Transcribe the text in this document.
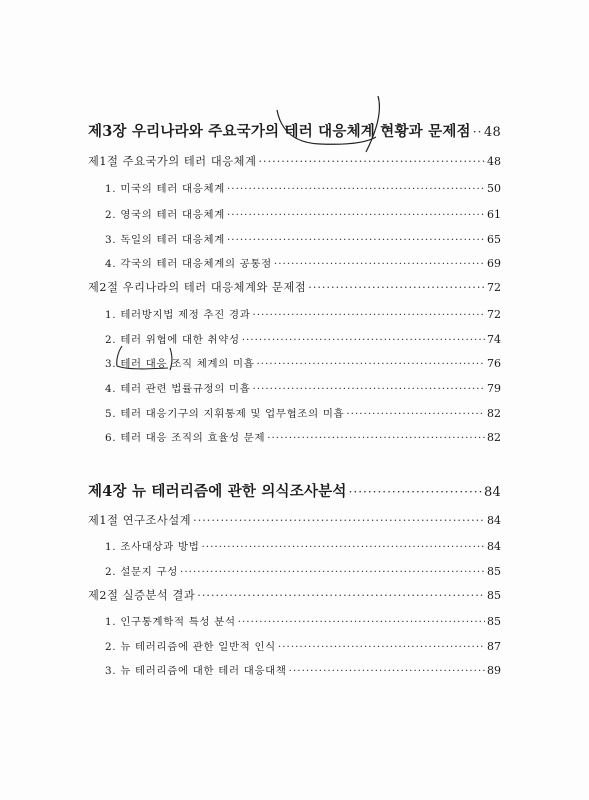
제3장 우리나라와 주요국가의 테러 대응체계 현황과 문제점 ····· 48
제1절 주요국가의 테러 대응체계 ·····	48
1. 미국의 테러 대응체계 ·····	50
2. 영국의 테러 대응체계 ·····	61
3. 독일의 테러 대응체계 ·····	65
4. 각국의 테러 대응체계의 공통점 ·····	69
제2절 우리나라의 테러 대응체계와 문제점 ·····	72
1. 테러방지법 제정 추진 경과 ·····	72
2. 테러 위협에 대한 취약성 ·····	74
3. 테러 대응 조직 체계의 미흡 ·····	76
4. 테러 관련 법률규정의 미흡 ·····	79
5. 테러 대응기구의 지휘통제 및 업무협조의 미흡 ·····	82
6. 테러 대응 조직의 효율성 문제 ·····	82
제4장 뉴 테러리즘에 관한 의식조사분석 ·····	84
제1절 연구조사설계 ·····	84
1. 조사대상과 방법 ·····	84
2. 설문지 구성 ·····	85
제2절 실증분석 결과 ·····	85
1. 인구통계학적 특성 분석 ·····	85
2. 뉴 테러리즘에 관한 일반적 인식 ·····	87
3. 뉴 테러리즘에 대한 테러 대응대책 ·····	89
